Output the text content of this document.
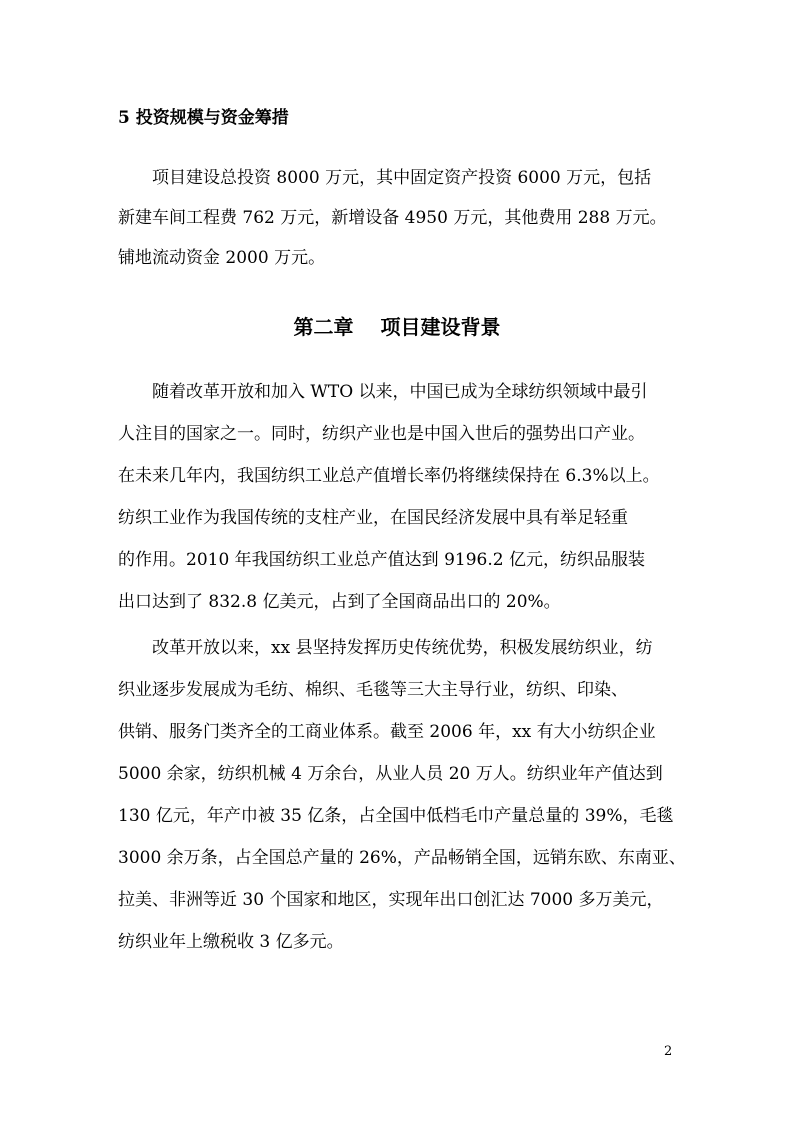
5 投资规模与资金筹措
　　项目建设总投资 8000 万元，其中固定资产投资 6000 万元，包括
新建车间工程费 762 万元，新增设备 4950 万元，其他费用 288 万元。
铺地流动资金 2000 万元。
第二章　 项目建设背景
　　随着改革开放和加入 WTO 以来，中国已成为全球纺织领域中最引
人注目的国家之一。同时，纺织产业也是中国入世后的强势出口产业。
在未来几年内，我国纺织工业总产值增长率仍将继续保持在 6.3%以上。
纺织工业作为我国传统的支柱产业，在国民经济发展中具有举足轻重
的作用。2010 年我国纺织工业总产值达到 9196.2 亿元，纺织品服装
出口达到了 832.8 亿美元，占到了全国商品出口的 20%。
　　改革开放以来，xx 县坚持发挥历史传统优势，积极发展纺织业，纺
织业逐步发展成为毛纺、棉织、毛毯等三大主导行业，纺织、印染、
供销、服务门类齐全的工商业体系。截至 2006 年，xx 有大小纺织企业
5000 余家，纺织机械 4 万余台，从业人员 20 万人。纺织业年产值达到
130 亿元，年产巾被 35 亿条，占全国中低档毛巾产量总量的 39%，毛毯
3000 余万条，占全国总产量的 26%，产品畅销全国，远销东欧、东南亚、
拉美、非洲等近 30 个国家和地区，实现年出口创汇达 7000 多万美元，
纺织业年上缴税收 3 亿多元。
2
